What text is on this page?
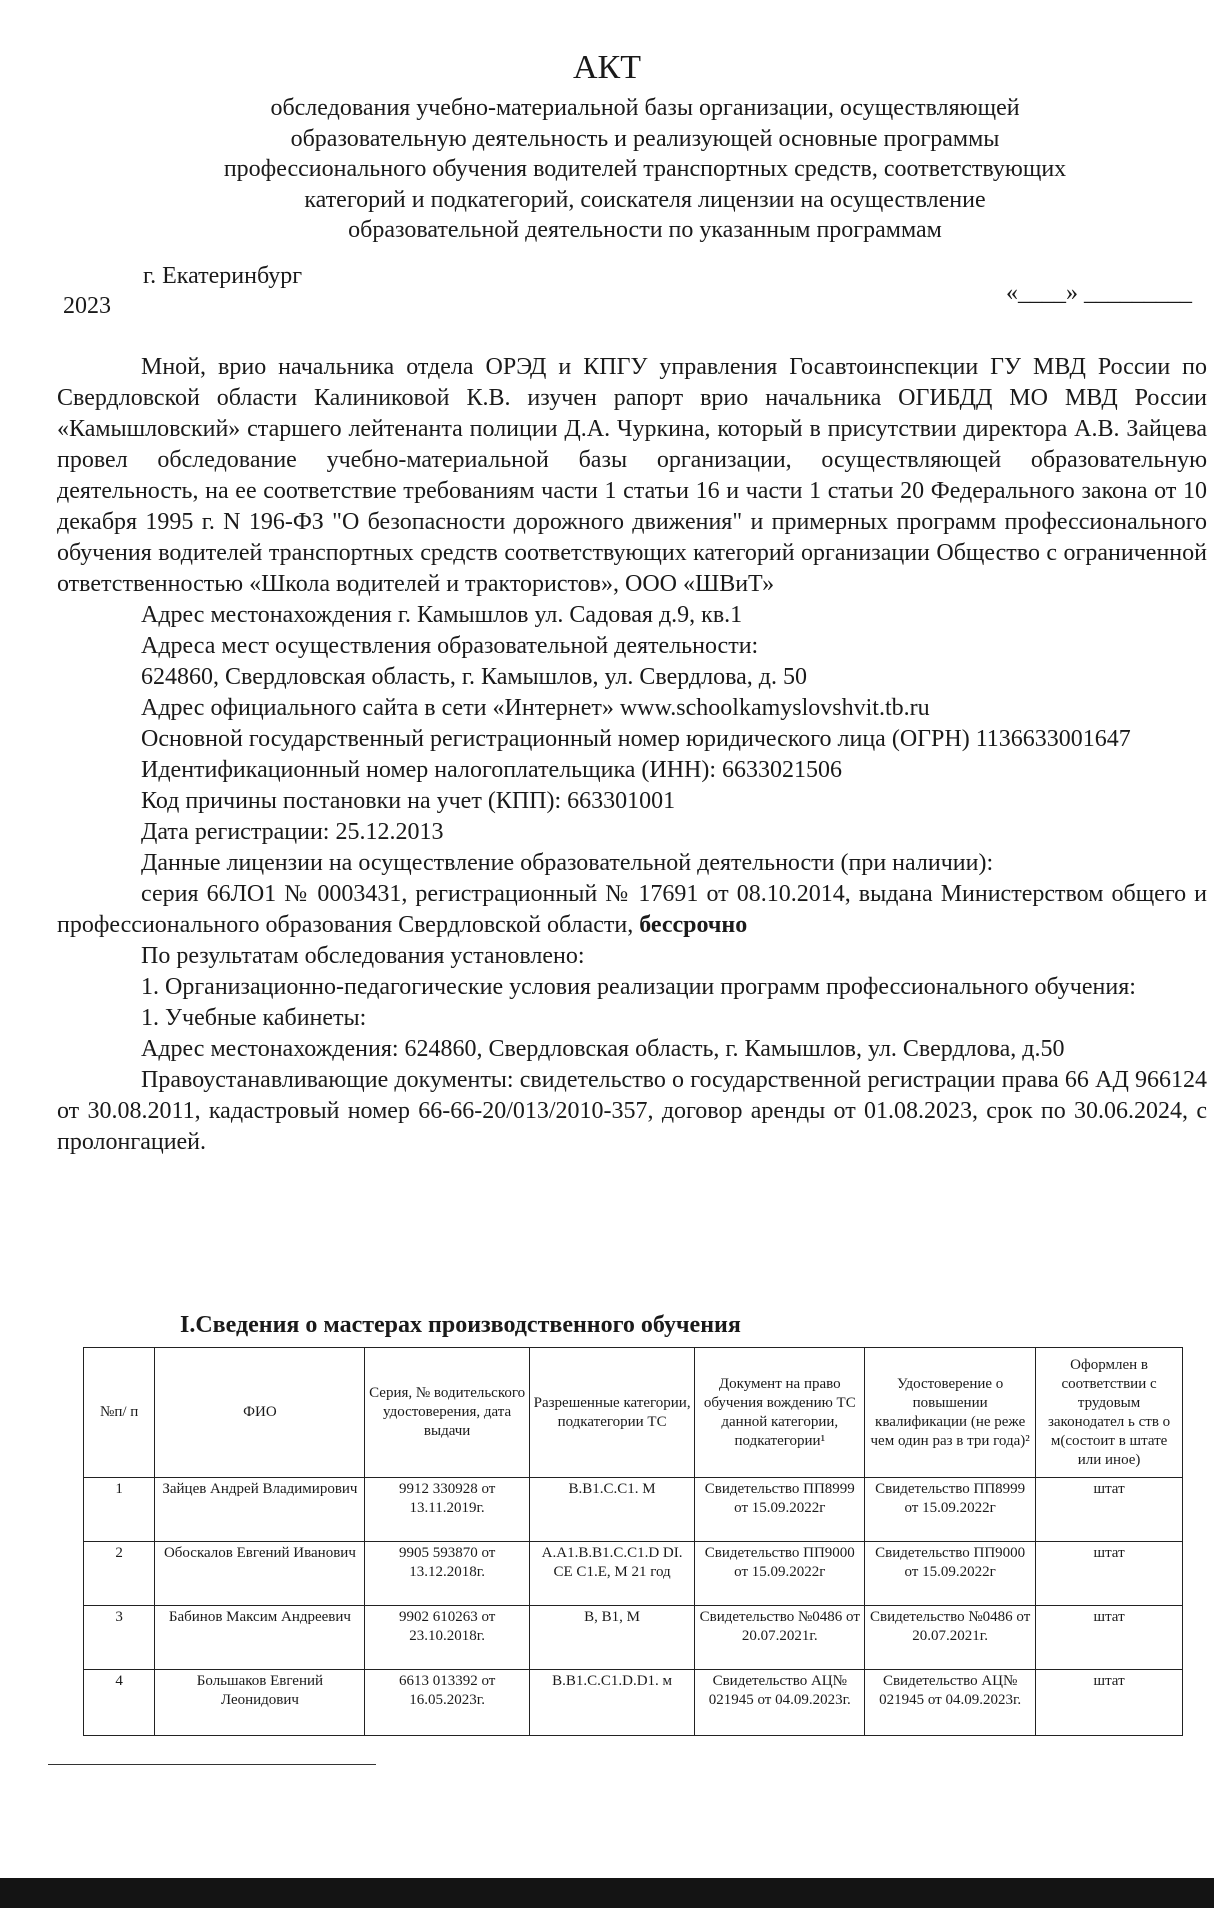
АКТ
обследования учебно-материальной базы организации, осуществляющей
образовательную деятельность и реализующей основные программы
профессионального обучения водителей транспортных средств, соответствующих
категорий и подкатегорий, соискателя лицензии на осуществление
образовательной деятельности по указанным программам
г. Екатеринбург
«____» _________
2023

Мной, врио начальника отдела ОРЭД и КПГУ управления Госавтоинспекции ГУ МВД России по Свердловской области Калиниковой К.В. изучен рапорт врио начальника ОГИБДД МО МВД России «Камышловский» старшего лейтенанта полиции Д.А. Чуркина, который в присутствии директора А.В. Зайцева провел обследование учебно-материальной базы организации, осуществляющей образовательную деятельность, на ее соответствие требованиям части 1 статьи 16 и части 1 статьи 20 Федерального закона от 10 декабря 1995 г. N 196-ФЗ "О безопасности дорожного движения" и примерных программ профессионального обучения водителей транспортных средств соответствующих категорий организации Общество с ограниченной ответственностью «Школа водителей и трактористов», ООО «ШВиТ»

Адрес местонахождения г. Камышлов ул. Садовая д.9, кв.1

Адреса мест осуществления образовательной деятельности:

624860, Свердловская область, г. Камышлов, ул. Свердлова, д. 50

Адрес официального сайта в сети «Интернет» www.schoolkamyslovshvit.tb.ru

Основной государственный регистрационный номер юридического лица (ОГРН) 1136633001647

Идентификационный номер налогоплательщика (ИНН): 6633021506

Код причины постановки на учет (КПП): 663301001

Дата регистрации: 25.12.2013

Данные лицензии на осуществление образовательной деятельности (при наличии):

серия 66ЛО1 № 0003431, регистрационный № 17691 от 08.10.2014, выдана Министерством общего и профессионального образования Свердловской области, бессрочно

По результатам обследования установлено:

1. Организационно-педагогические условия реализации программ профессионального обучения:

1. Учебные кабинеты:

Адрес местонахождения: 624860, Свердловская область, г. Камышлов, ул. Свердлова, д.50

Правоустанавливающие документы: свидетельство о государственной регистрации права 66 АД 966124 от 30.08.2011, кадастровый номер 66-66-20/013/2010-357, договор аренды от 01.08.2023, срок по 30.06.2024, с пролонгацией.

I.Сведения о мастерах производственного обучения
№п/ п	ФИО	Серия, № водительского удостоверения, дата выдачи	Разрешенные категории, подкатегории ТС	Документ на право обучения вождению ТС данной категории, подкатегории¹	Удостоверение о повышении квалификации (не реже чем один раз в три года)²	Оформлен в соответствии с трудовым законодател ь ств о м(состоит в штате или иное)
1	Зайцев Андрей Владимирович	9912 330928 от 13.11.2019г.	B.B1.C.C1. M	Свидетельство ПП8999 от 15.09.2022г	Свидетельство ПП8999 от 15.09.2022г	штат
2	Обоскалов Евгений Иванович	9905 593870 от 13.12.2018г.	A.A1.B.B1.C.C1.D DI. CE C1.E, M 21 год	Свидетельство ПП9000 от 15.09.2022г	Свидетельство ПП9000 от 15.09.2022г	штат
3	Бабинов Максим Андреевич	9902 610263 от 23.10.2018г.	B, B1, M	Свидетельство №0486 от 20.07.2021г.	Свидетельство №0486 от 20.07.2021г.	штат
4	Большаков Евгений Леонидович	6613 013392 от 16.05.2023г.	B.B1.C.C1.D.D1. м	Свидетельство АЦ№ 021945 от 04.09.2023г.	Свидетельство АЦ№ 021945 от 04.09.2023г.	штат
